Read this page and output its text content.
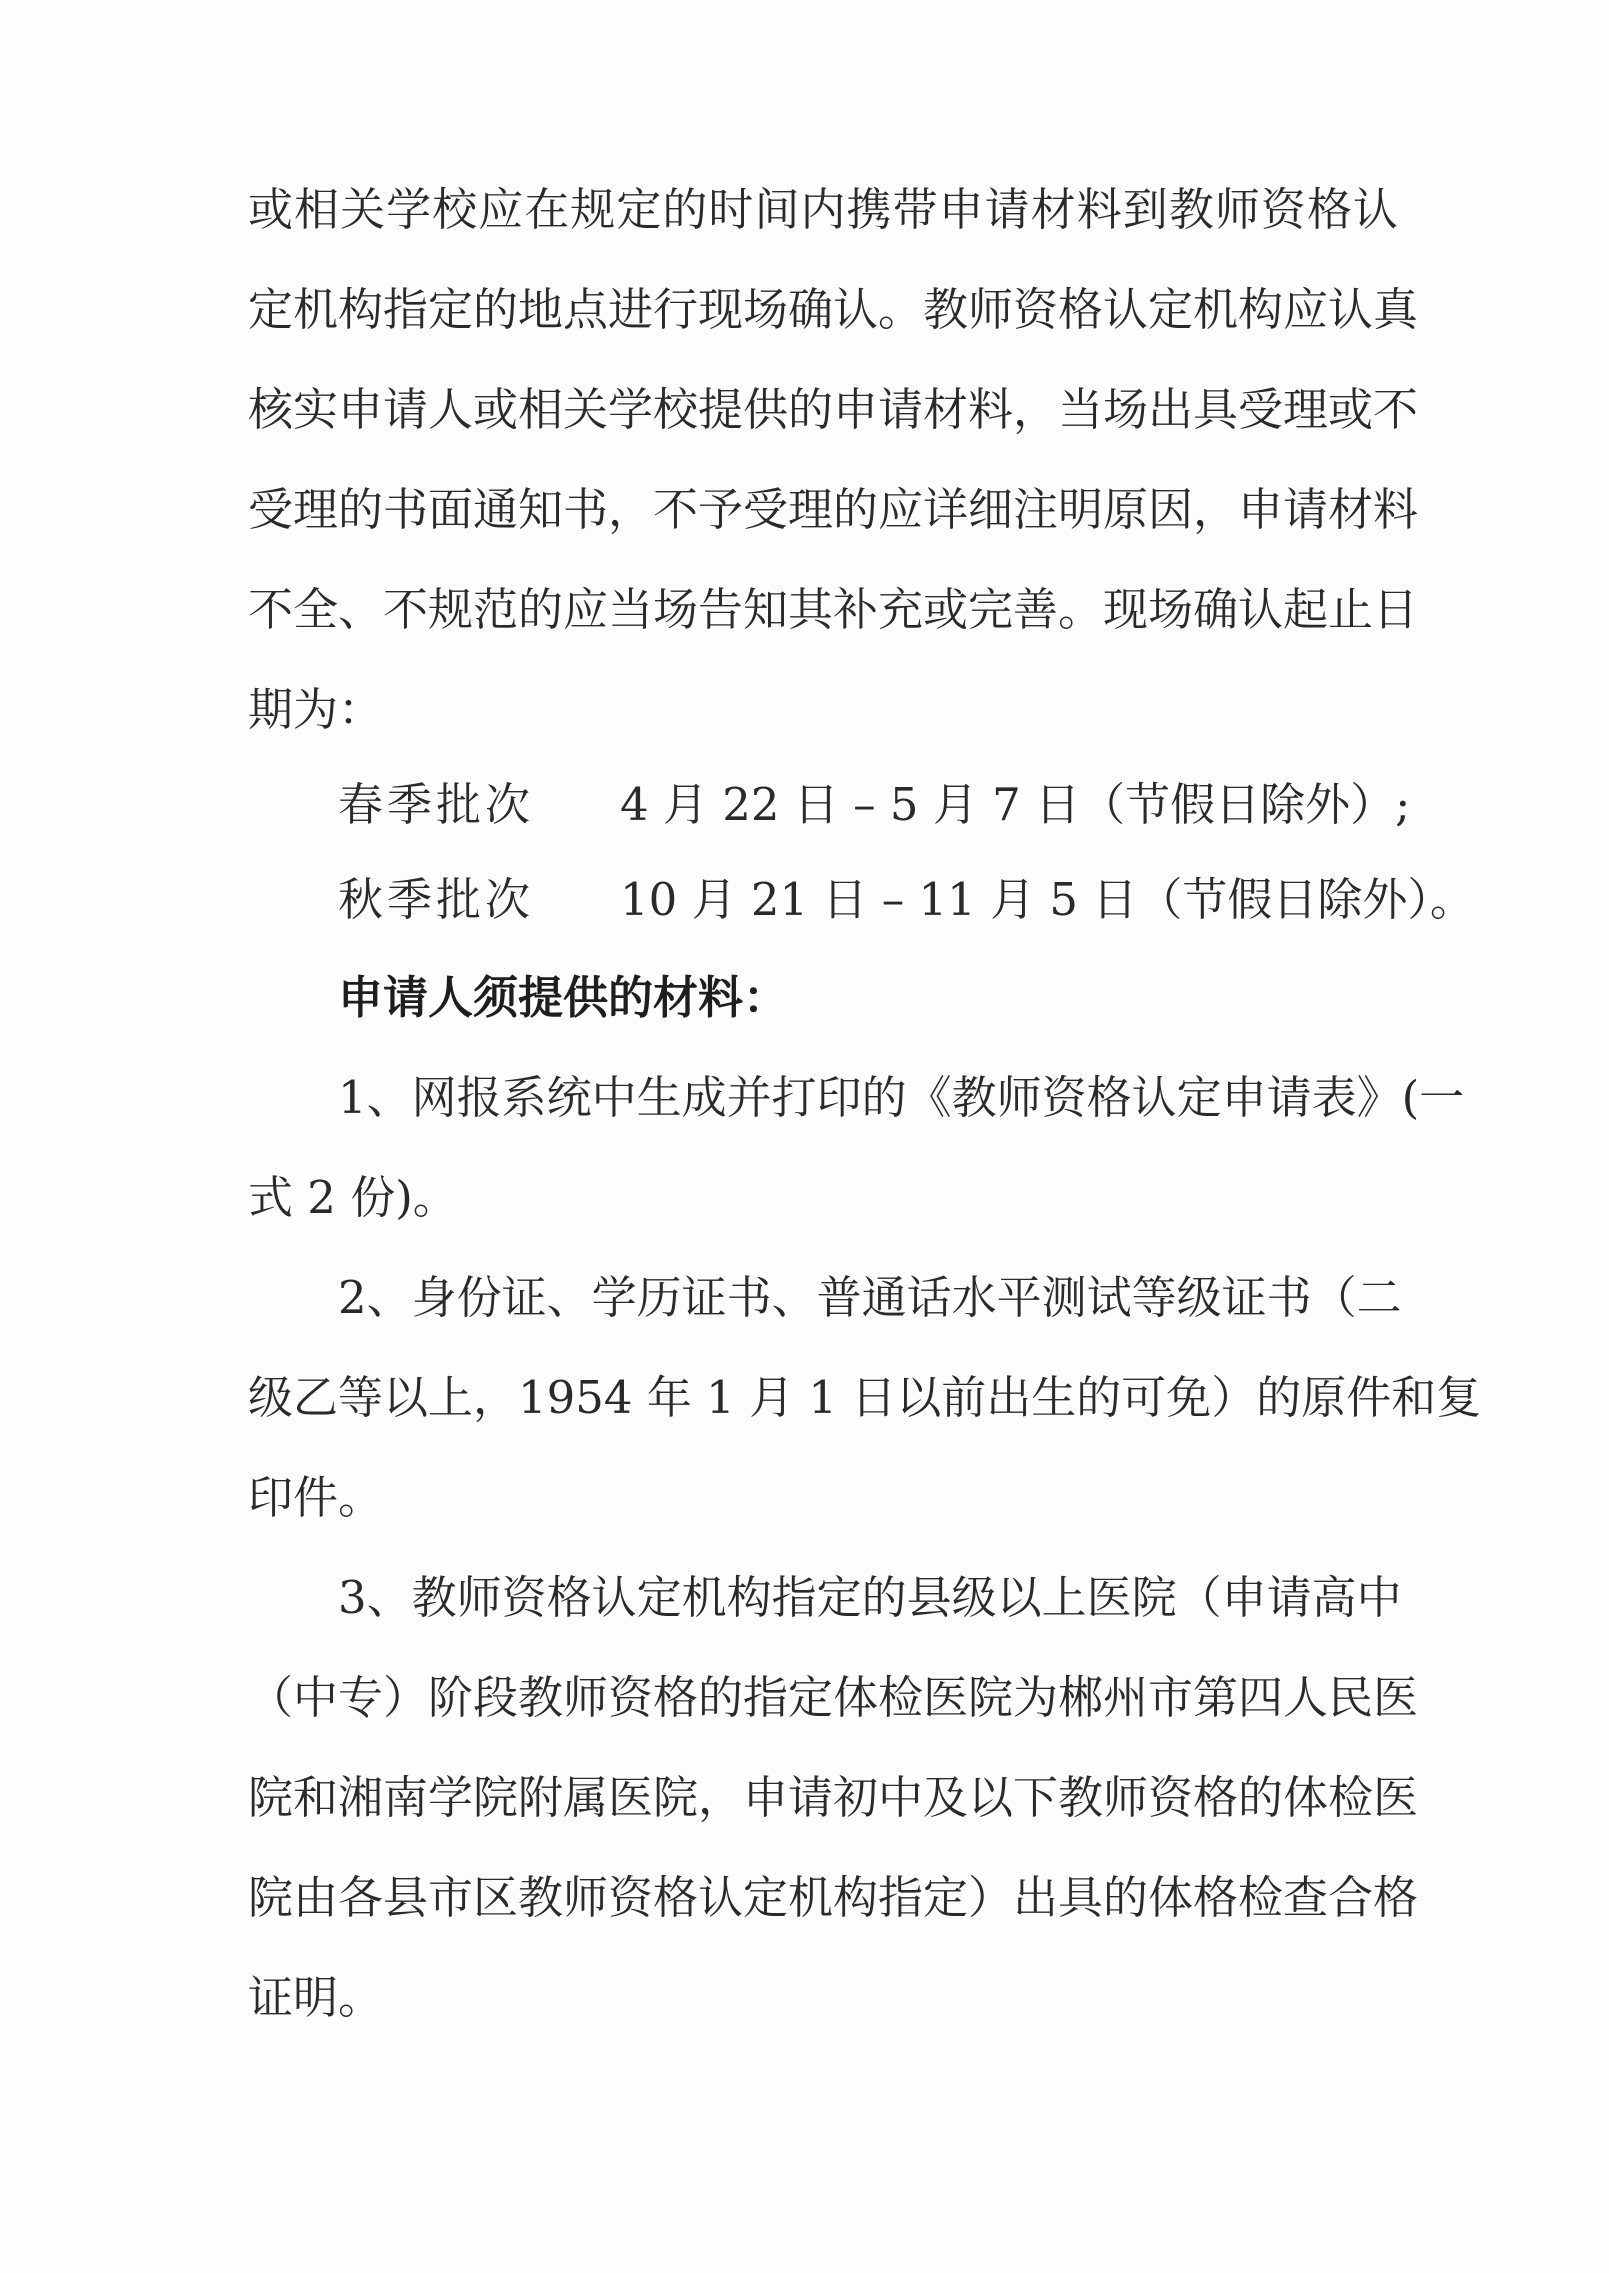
或相关学校应在规定的时间内携带申请材料到教师资格认
定机构指定的地点进行现场确认。教师资格认定机构应认真
核实申请人或相关学校提供的申请材料，当场出具受理或不
受理的书面通知书，不予受理的应详细注明原因，申请材料
不全、不规范的应当场告知其补充或完善。现场确认起止日
期为：
春季批次 4 月 22 日 – 5 月 7 日（节假日除外）;
秋季批次 10 月 21 日 – 11 月 5 日（节假日除外）。
申请人须提供的材料：
1、网报系统中生成并打印的《教师资格认定申请表》(一
式 2 份)。
2、身份证、学历证书、普通话水平测试等级证书（二
级乙等以上，1954 年 1 月 1 日以前出生的可免）的原件和复
印件。
3、教师资格认定机构指定的县级以上医院（申请高中
（中专）阶段教师资格的指定体检医院为郴州市第四人民医
院和湘南学院附属医院，申请初中及以下教师资格的体检医
院由各县市区教师资格认定机构指定）出具的体格检查合格
证明。
